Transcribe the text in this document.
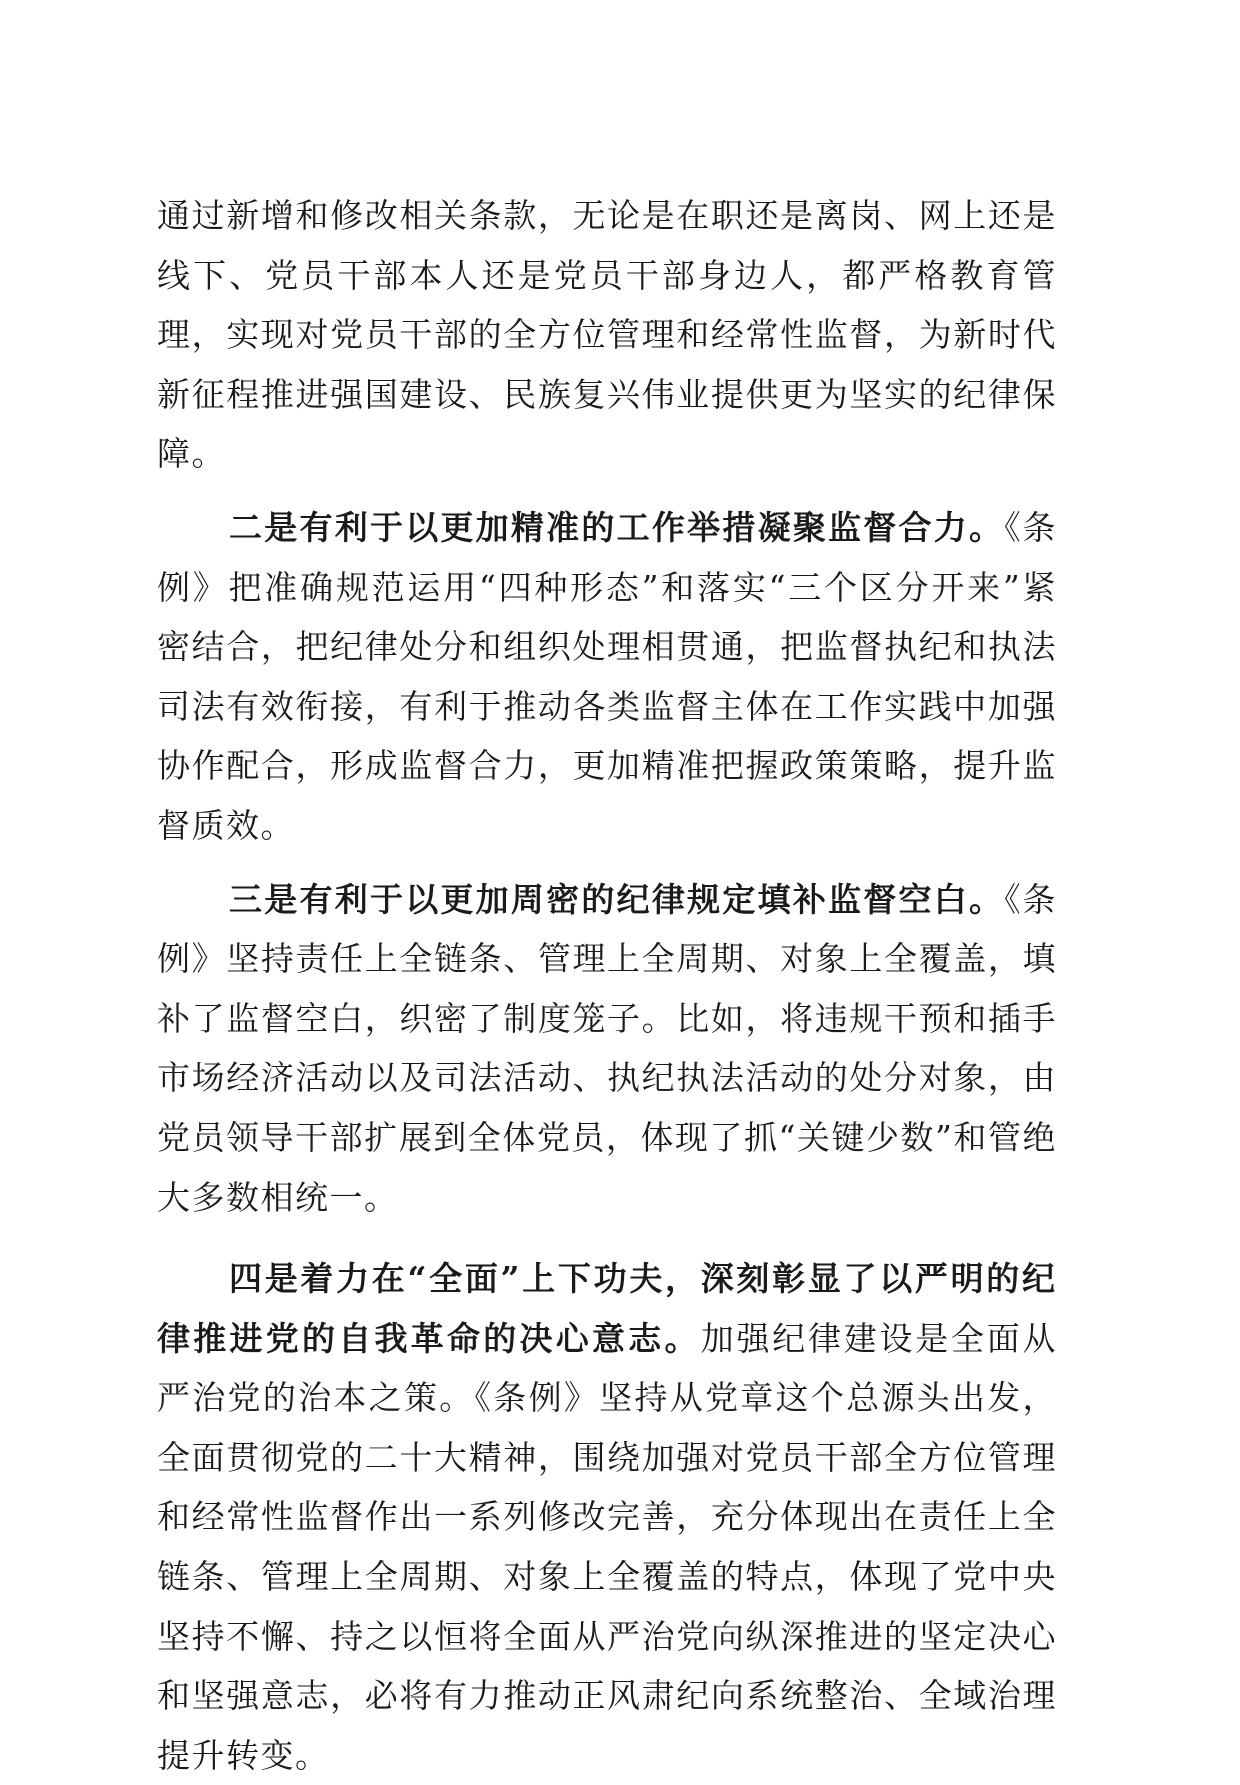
通过新增和修改相关条款，无论是在职还是离岗、网上还是线下、党员干部本人还是党员干部身边人，都严格教育管理，实现对党员干部的全方位管理和经常性监督，为新时代新征程推进强国建设、民族复兴伟业提供更为坚实的纪律保障。

二是有利于以更加精准的工作举措凝聚监督合力。《条例》把准确规范运用“四种形态”和落实“三个区分开来”紧密结合，把纪律处分和组织处理相贯通，把监督执纪和执法司法有效衔接，有利于推动各类监督主体在工作实践中加强协作配合，形成监督合力，更加精准把握政策策略，提升监督质效。

三是有利于以更加周密的纪律规定填补监督空白。《条例》坚持责任上全链条、管理上全周期、对象上全覆盖，填补了监督空白，织密了制度笼子。比如，将违规干预和插手市场经济活动以及司法活动、执纪执法活动的处分对象，由党员领导干部扩展到全体党员，体现了抓“关键少数”和管绝大多数相统一。

四是着力在“全面”上下功夫，深刻彰显了以严明的纪律推进党的自我革命的决心意志。加强纪律建设是全面从严治党的治本之策。《条例》坚持从党章这个总源头出发，全面贯彻党的二十大精神，围绕加强对党员干部全方位管理和经常性监督作出一系列修改完善，充分体现出在责任上全链条、管理上全周期、对象上全覆盖的特点，体现了党中央坚持不懈、持之以恒将全面从严治党向纵深推进的坚定决心和坚强意志，必将有力推动正风肃纪向系统整治、全域治理提升转变。
